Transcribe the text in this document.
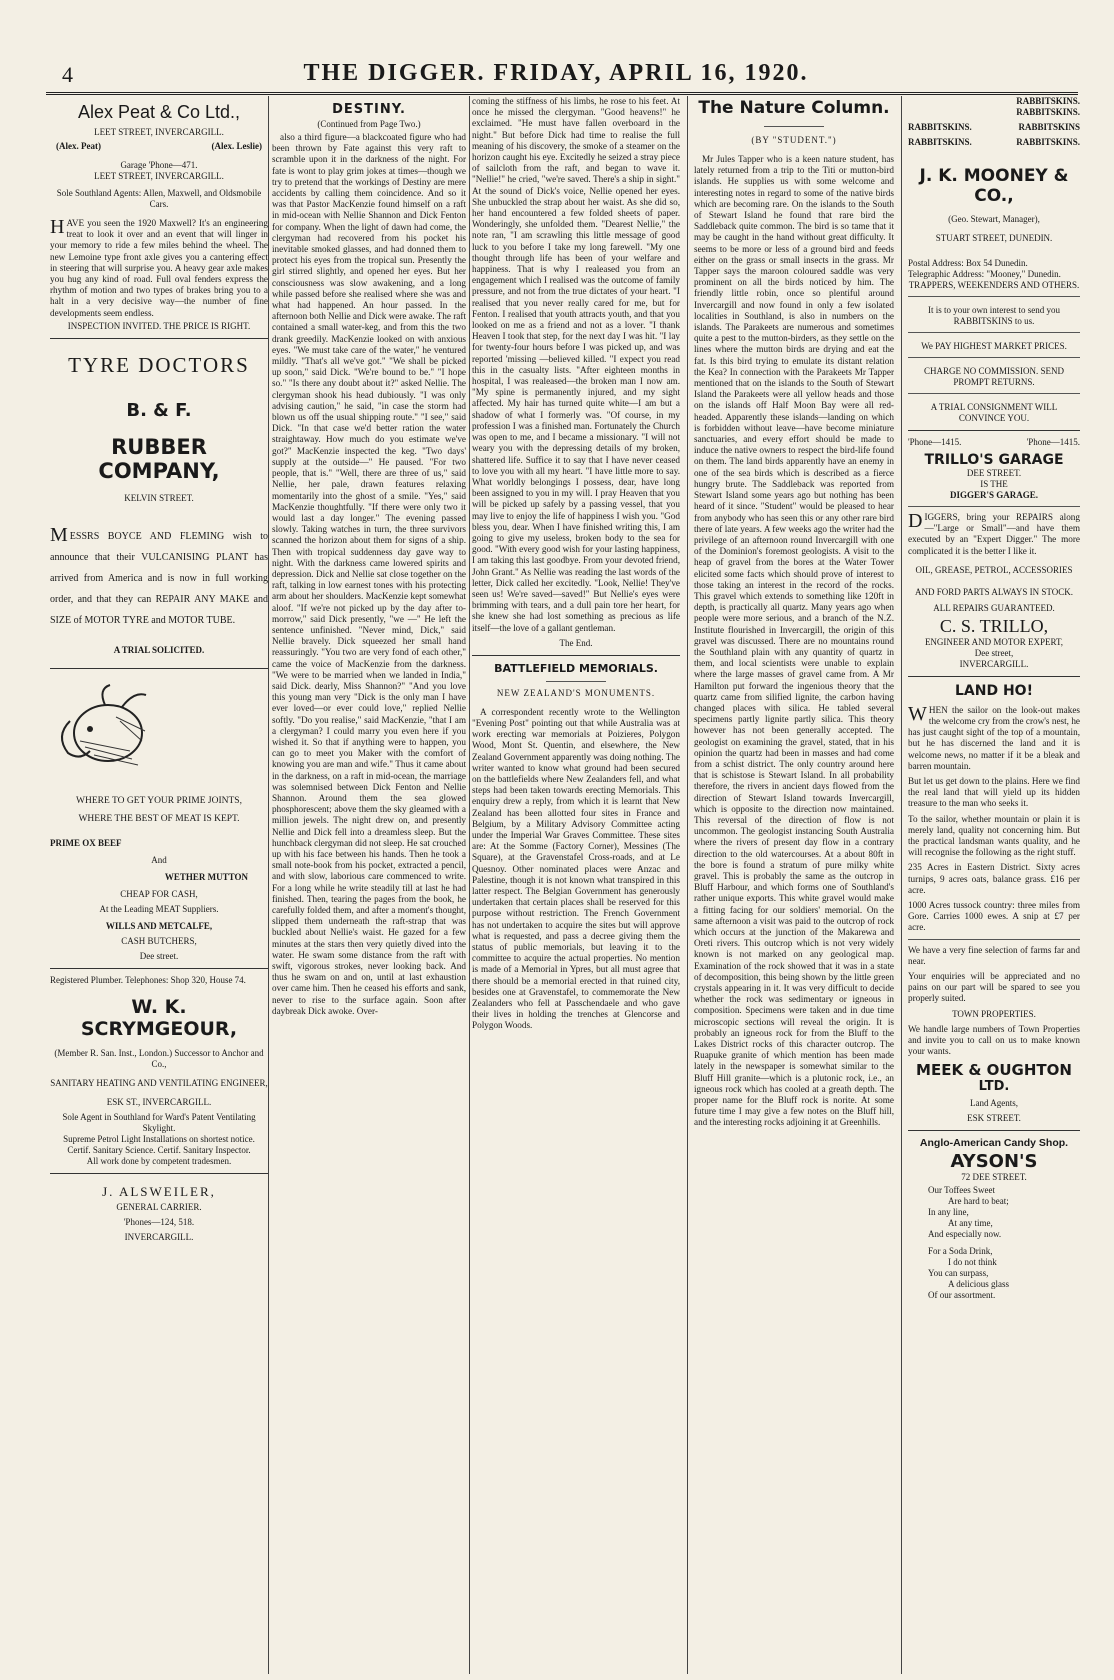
4	THE DIGGER. FRIDAY, APRIL 16, 1920.
Alex Peat & Co Ltd.,
LEET STREET, INVERCARGILL.
(Alex. Peat)	(Alex. Leslie)
Garage 'Phone—471.
LEET STREET, INVERCARGILL.
Sole Southland Agents: Allen, Maxwell, and Oldsmobile Cars.

HAVE you seen the 1920 Maxwell? It's an engineering treat to look it over and an event that will linger in your memory to ride a few miles behind the wheel. The new Lemoine type front axle gives you a cantering effect in steering that will surprise you. A heavy gear axle makes you hug any kind of road. Full oval fenders express the rhythm of motion and two types of brakes bring you to a halt in a very decisive way—the number of fine developments seem endless.

INSPECTION INVITED. THE PRICE IS RIGHT.
TYRE DOCTORS
B. & F.
RUBBER COMPANY,
KELVIN STREET.

MESSRS BOYCE AND FLEMING wish to announce that their VULCANISING PLANT has arrived from America and is now in full working order, and that they can REPAIR ANY MAKE and SIZE of MOTOR TYRE and MOTOR TUBE.

A TRIAL SOLICITED.
WHERE TO GET YOUR PRIME JOINTS,
WHERE THE BEST OF MEAT IS KEPT.
PRIME OX BEEF
And
WETHER MUTTON
CHEAP FOR CASH,
At the Leading MEAT Suppliers.
WILLS AND METCALFE,
CASH BUTCHERS,
Dee street.
Registered Plumber. Telephones: Shop 320, House 74.
W. K. SCRYMGEOUR,
(Member R. San. Inst., London.) Successor to Anchor and Co.,
SANITARY HEATING AND VENTILATING ENGINEER,
ESK ST., INVERCARGILL.
Sole Agent in Southland for Ward's Patent Ventilating Skylight.
Supreme Petrol Light Installations on shortest notice.
Certif. Sanitary Science. Certif. Sanitary Inspector.
All work done by competent tradesmen.
J. ALSWEILER,
GENERAL CARRIER.
'Phones—124, 518.
INVERCARGILL.
DESTINY.
(Continued from Page Two.)

also a third figure—a blackcoated figure who had been thrown by Fate against this very raft to scramble upon it in the darkness of the night. For fate is wont to play grim jokes at times—though we try to pretend that the workings of Destiny are mere accidents by calling them coincidence. And so it was that Pastor MacKenzie found himself on a raft in mid-ocean with Nellie Shannon and Dick Fenton for company. When the light of dawn had come, the clergyman had recovered from his pocket his inevitable smoked glasses, and had donned them to protect his eyes from the tropical sun. Presently the girl stirred slightly, and opened her eyes. But her consciousness was slow awakening, and a long while passed before she realised where she was and what had happened. An hour passed. In the afternoon both Nellie and Dick were awake. The raft contained a small water-keg, and from this the two drank greedily. MacKenzie looked on with anxious eyes. "We must take care of the water," he ventured mildly. "That's all we've got." "We shall be picked up soon," said Dick. "We're bound to be." "I hope so." "Is there any doubt about it?" asked Nellie. The clergyman shook his head dubiously. "I was only advising caution," he said, "in case the storm had blown us off the usual shipping route." "I see," said Dick. "In that case we'd better ration the water straightaway. How much do you estimate we've got?" MacKenzie inspected the keg. "Two days' supply at the outside—" He paused. "For two people, that is." "Well, there are three of us," said Nellie, her pale, drawn features relaxing momentarily into the ghost of a smile. "Yes," said MacKenzie thoughtfully. "If there were only two it would last a day longer." The evening passed slowly. Taking watches in turn, the three survivors scanned the horizon about them for signs of a ship. Then with tropical suddenness day gave way to night. With the darkness came lowered spirits and depression. Dick and Nellie sat close together on the raft, talking in low earnest tones with his protecting arm about her shoulders. MacKenzie kept somewhat aloof. "If we're not picked up by the day after to-morrow," said Dick presently, "we —" He left the sentence unfinished. "Never mind, Dick," said Nellie bravely. Dick squeezed her small hand reassuringly. "You two are very fond of each other," came the voice of MacKenzie from the darkness. "We were to be married when we landed in India," said Dick. dearly, Miss Shannon?" "And you love this young man very "Dick is the only man I have ever loved—or ever could love," replied Nellie softly. "Do you realise," said MacKenzie, "that I am a clergyman? I could marry you even here if you wished it. So that if anything were to happen, you can go to meet you Maker with the comfort of knowing you are man and wife." Thus it came about in the darkness, on a raft in mid-ocean, the marriage was solemnised between Dick Fenton and Nellie Shannon. Around them the sea glowed phosphorescent; above them the sky gleamed with a million jewels. The night drew on, and presently Nellie and Dick fell into a dreamless sleep. But the hunchback clergyman did not sleep. He sat crouched up with his face between his hands. Then he took a small note-book from his pocket, extracted a pencil, and with slow, laborious care commenced to write. For a long while he write steadily till at last he had finished. Then, tearing the pages from the book, he carefully folded them, and after a moment's thought, slipped them underneath the raft-strap that was buckled about Nellie's waist. He gazed for a few minutes at the stars then very quietly dived into the water. He swam some distance from the raft with swift, vigorous strokes, never looking back. And thus he swam on and on, until at last exhaustion over came him. Then he ceased his efforts and sank, never to rise to the surface again. Soon after daybreak Dick awoke. Over-

coming the stiffness of his limbs, he rose to his feet. At once he missed the clergyman. "Good heavens!" he exclaimed. "He must have fallen overboard in the night." But before Dick had time to realise the full meaning of his discovery, the smoke of a steamer on the horizon caught his eye. Excitedly he seized a stray piece of sailcloth from the raft, and began to wave it. "Nellie!" he cried, "we're saved. There's a ship in sight." At the sound of Dick's voice, Nellie opened her eyes. She unbuckled the strap about her waist. As she did so, her hand encountered a few folded sheets of paper. Wonderingly, she unfolded them. "Dearest Nellie," the note ran, "I am scrawling this little message of good luck to you before I take my long farewell. "My one thought through life has been of your welfare and happiness. That is why I realeased you from an engagement which I realised was the outcome of family pressure, and not from the true dictates of your heart. "I realised that you never really cared for me, but for Fenton. I realised that youth attracts youth, and that you looked on me as a friend and not as a lover. "I thank Heaven I took that step, for the next day I was hit. "I lay for twenty-four hours before I was picked up, and was reported 'missing —believed killed. "I expect you read this in the casualty lists. "After eighteen months in hospital, I was realeased—the broken man I now am. "My spine is permanently injured, and my sight affected. My hair has turned quite white—I am but a shadow of what I formerly was. "Of course, in my profession I was a finished man. Fortunately the Church was open to me, and I became a missionary. "I will not weary you with the depressing details of my broken, shattered life. Suffice it to say that I have never ceased to love you with all my heart. "I have little more to say. What worldly belongings I possess, dear, have long been assigned to you in my will. I pray Heaven that you will be picked up safely by a passing vessel, that you may live to enjoy the life of happiness I wish you. "God bless you, dear. When I have finished writing this, I am going to give my useless, broken body to the sea for good. "With every good wish for your lasting happiness, I am taking this last goodbye. From your devoted friend, John Grant." As Nellie was reading the last words of the letter, Dick called her excitedly. "Look, Nellie! They've seen us! We're saved—saved!" But Nellie's eyes were brimming with tears, and a dull pain tore her heart, for she knew she had lost something as precious as life itself—the love of a gallant gentleman.

The End.
BATTLEFIELD MEMORIALS.
NEW ZEALAND'S MONUMENTS.

A correspondent recently wrote to the Wellington "Evening Post" pointing out that while Australia was at work erecting war memorials at Poizieres, Polygon Wood, Mont St. Quentin, and elsewhere, the New Zealand Government apparently was doing nothing. The writer wanted to know what ground had been secured on the battlefields where New Zealanders fell, and what steps had been taken towards erecting Memorials. This enquiry drew a reply, from which it is learnt that New Zealand has been allotted four sites in France and Belgium, by a Military Advisory Committee acting under the Imperial War Graves Committee. These sites are: At the Somme (Factory Corner), Messines (The Square), at the Gravenstafel Cross-roads, and at Le Quesnoy. Other nominated places were Anzac and Palestine, though it is not known what transpired in this latter respect. The Belgian Government has generously undertaken that certain places shall be reserved for this purpose without restriction. The French Government has not undertaken to acquire the sites but will approve what is requested, and pass a decree giving them the status of public memorials, but leaving it to the committee to acquire the actual properties. No mention is made of a Memorial in Ypres, but all must agree that there should be a memorial erected in that ruined city, besides one at Gravenstafel, to commemorate the New Zealanders who fell at Passchendaele and who gave their lives in holding the trenches at Glencorse and Polygon Woods.

The Nature Column.
(BY "STUDENT.")

Mr Jules Tapper who is a keen nature student, has lately returned from a trip to the Titi or mutton-bird islands. He supplies us with some welcome and interesting notes in regard to some of the native birds which are becoming rare. On the islands to the South of Stewart Island he found that rare bird the Saddleback quite common. The bird is so tame that it may be caught in the hand without great difficulty. It seems to be more or less of a ground bird and feeds either on the grass or small insects in the grass. Mr Tapper says the maroon coloured saddle was very prominent on all the birds noticed by him. The friendly little robin, once so plentiful around Invercargill and now found in only a few isolated localities in Southland, is also in numbers on the islands. The Parakeets are numerous and sometimes quite a pest to the mutton-birders, as they settle on the lines where the mutton birds are drying and eat the fat. Is this bird trying to emulate its distant relation the Kea? In connection with the Parakeets Mr Tapper mentioned that on the islands to the South of Stewart Island the Parakeets were all yellow heads and those on the islands off Half Moon Bay were all red-headed. Apparently these islands—landing on which is forbidden without leave—have become miniature sanctuaries, and every effort should be made to induce the native owners to respect the bird-life found on them. The land birds apparently have an enemy in one of the sea birds which is described as a fierce hungry brute. The Saddleback was reported from Stewart Island some years ago but nothing has been heard of it since. "Student" would be pleased to hear from anybody who has seen this or any other rare bird there of late years. A few weeks ago the writer had the privilege of an afternoon round Invercargill with one of the Dominion's foremost geologists. A visit to the heap of gravel from the bores at the Water Tower elicited some facts which should prove of interest to those taking an interest in the record of the rocks. This gravel which extends to something like 120ft in depth, is practically all quartz. Many years ago when people were more serious, and a branch of the N.Z. Institute flourished in Invercargill, the origin of this gravel was discussed. There are no mountains round the Southland plain with any quantity of quartz in them, and local scientists were unable to explain where the large masses of gravel came from. A Mr Hamilton put forward the ingenious theory that the quartz came from silified lignite, the carbon having changed places with silica. He tabled several specimens partly lignite partly silica. This theory however has not been generally accepted. The geologist on examining the gravel, stated, that in his opinion the quartz had been in masses and had come from a schist district. The only country around here that is schistose is Stewart Island. In all probability therefore, the rivers in ancient days flowed from the direction of Stewart Island towards Invercargill, which is opposite to the direction now maintained. This reversal of the direction of flow is not uncommon. The geologist instancing South Australia where the rivers of present day flow in a contrary direction to the old watercourses. At a about 80ft in the bore is found a stratum of pure milky white gravel. This is probably the same as the outcrop in Bluff Harbour, and which forms one of Southland's rather unique exports. This white gravel would make a fitting facing for our soldiers' memorial. On the same afternoon a visit was paid to the outcrop of rock which occurs at the junction of the Makarewa and Oreti rivers. This outcrop which is not very widely known is not marked on any geological map. Examination of the rock showed that it was in a state of decomposition, this being shown by the little green crystals appearing in it. It was very difficult to decide whether the rock was sedimentary or igneous in composition. Specimens were taken and in due time microscopic sections will reveal the origin. It is probably an igneous rock for from the Bluff to the Lakes District rocks of this character outcrop. The Ruapuke granite of which mention has been made lately in the newspaper is somewhat similar to the Bluff Hill granite—which is a plutonic rock, i.e., an igneous rock which has cooled at a greath depth. The proper name for the Bluff rock is norite. At some future time I may give a few notes on the Bluff hill, and the interesting rocks adjoining it at Greenhills.

RABBITSKINS.
RABBITSKINS.
RABBITSKINS.	RABBITSKINS
RABBITSKINS.	RABBITSKINS.
J. K. MOONEY & CO.,
(Geo. Stewart, Manager),
STUART STREET, DUNEDIN.
Postal Address: Box 54 Dunedin.
Telegraphic Address: "Mooney," Dunedin.
TRAPPERS, WEEKENDERS AND OTHERS.
It is to your own interest to send you RABBITSKINS to us.
We PAY HIGHEST MARKET PRICES.
CHARGE NO COMMISSION. SEND PROMPT RETURNS.
A TRIAL CONSIGNMENT WILL CONVINCE YOU.
'Phone—1415.	'Phone—1415.
TRILLO'S GARAGE
DEE STREET.
IS THE
DIGGER'S GARAGE.

DIGGERS, bring your REPAIRS along —"Large or Small"—and have them executed by an "Expert Digger." The more complicated it is the better I like it.

OIL, GREASE, PETROL, ACCESSORIES AND FORD PARTS ALWAYS IN STOCK.
ALL REPAIRS GUARANTEED.
C. S. TRILLO,
ENGINEER AND MOTOR EXPERT,
Dee street,
INVERCARGILL.
LAND HO!

WHEN the sailor on the look-out makes the welcome cry from the crow's nest, he has just caught sight of the top of a mountain, but he has discerned the land and it is welcome news, no matter if it be a bleak and barren mountain.

But let us get down to the plains. Here we find the real land that will yield up its hidden treasure to the man who seeks it.

To the sailor, whether mountain or plain it is merely land, quality not concerning him. But the practical landsman wants quality, and he will recognise the following as the right stuff.

235 Acres in Eastern District. Sixty acres turnips, 9 acres oats, balance grass. £16 per acre.

1000 Acres tussock country: three miles from Gore. Carries 1000 ewes. A snip at £7 per acre.

We have a very fine selection of farms far and near.

Your enquiries will be appreciated and no pains on our part will be spared to see you properly suited.

TOWN PROPERTIES.

We handle large numbers of Town Properties and invite you to call on us to make known your wants.

MEEK & OUGHTON
LTD.
Land Agents,
ESK STREET.
Anglo-American Candy Shop.
AYSON'S
72 DEE STREET.
Our Toffees Sweet
Are hard to beat;
In any line,
At any time,
And especially now.
For a Soda Drink,
I do not think
You can surpass,
A delicious glass
Of our assortment.
